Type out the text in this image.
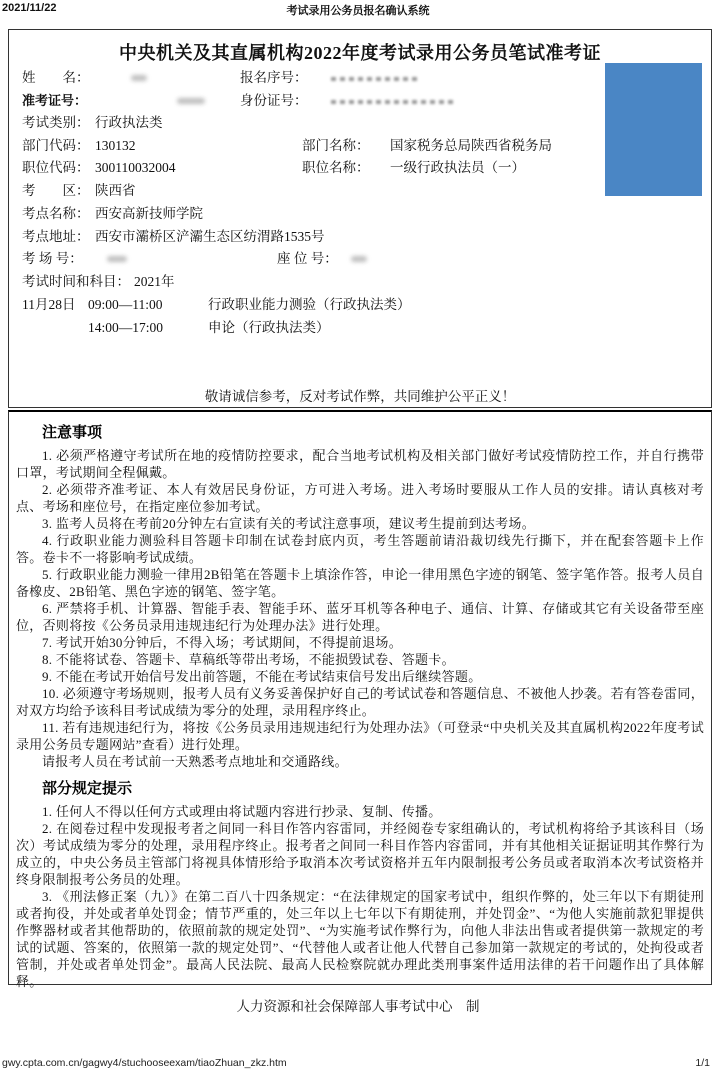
2021/11/22	考试录用公务员报名确认系统
中央机关及其直属机构2022年度考试录用公务员笔试准考证
姓　　名：	报名序号：
准考证号：	身份证号：
考试类别： 行政执法类
部门代码： 130132	部门名称： 国家税务总局陕西省税务局
职位代码： 300110032004	职位名称： 一级行政执法员（一）
考　　区： 陕西省
考点名称： 西安高新技师学院
考点地址： 西安市灞桥区浐灞生态区纺渭路1535号
考 场 号：	座 位 号：
考试时间和科目： 2021年
11月28日 09:00—11:00	行政职业能力测验（行政执法类）
14:00—17:00	申论（行政执法类）
敬请诚信参考，反对考试作弊，共同维护公平正义！
注意事项

1. 必须严格遵守考试所在地的疫情防控要求，配合当地考试机构及相关部门做好考试疫情防控工作，并自行携带口罩，考试期间全程佩戴。

2. 必须带齐准考证、本人有效居民身份证，方可进入考场。进入考场时要服从工作人员的安排。请认真核对考点、考场和座位号，在指定座位参加考试。

3. 监考人员将在考前20分钟左右宣读有关的考试注意事项，建议考生提前到达考场。

4. 行政职业能力测验科目答题卡印制在试卷封底内页，考生答题前请沿裁切线先行撕下，并在配套答题卡上作答。卷卡不一将影响考试成绩。

5. 行政职业能力测验一律用2B铅笔在答题卡上填涂作答，申论一律用黑色字迹的钢笔、签字笔作答。报考人员自备橡皮、2B铅笔、黑色字迹的钢笔、签字笔。

6. 严禁将手机、计算器、智能手表、智能手环、蓝牙耳机等各种电子、通信、计算、存储或其它有关设备带至座位，否则将按《公务员录用违规违纪行为处理办法》进行处理。

7. 考试开始30分钟后，不得入场；考试期间，不得提前退场。

8. 不能将试卷、答题卡、草稿纸等带出考场，不能损毁试卷、答题卡。

9. 不能在考试开始信号发出前答题，不能在考试结束信号发出后继续答题。

10. 必须遵守考场规则，报考人员有义务妥善保护好自己的考试试卷和答题信息、不被他人抄袭。若有答卷雷同，对双方均给予该科目考试成绩为零分的处理，录用程序终止。

11. 若有违规违纪行为，将按《公务员录用违规违纪行为处理办法》（可登录“中央机关及其直属机构2022年度考试录用公务员专题网站”查看）进行处理。

请报考人员在考试前一天熟悉考点地址和交通路线。

部分规定提示

1. 任何人不得以任何方式或理由将试题内容进行抄录、复制、传播。

2. 在阅卷过程中发现报考者之间同一科目作答内容雷同，并经阅卷专家组确认的，考试机构将给予其该科目（场次）考试成绩为零分的处理，录用程序终止。报考者之间同一科目作答内容雷同，并有其他相关证据证明其作弊行为成立的，中央公务员主管部门将视具体情形给予取消本次考试资格并五年内限制报考公务员或者取消本次考试资格并终身限制报考公务员的处理。

3. 《刑法修正案（九）》在第二百八十四条规定：“在法律规定的国家考试中，组织作弊的，处三年以下有期徒刑或者拘役，并处或者单处罚金；情节严重的，处三年以上七年以下有期徒刑，并处罚金”、“为他人实施前款犯罪提供作弊器材或者其他帮助的，依照前款的规定处罚”、“为实施考试作弊行为，向他人非法出售或者提供第一款规定的考试的试题、答案的，依照第一款的规定处罚”、“代替他人或者让他人代替自己参加第一款规定的考试的，处拘役或者管制，并处或者单处罚金”。最高人民法院、最高人民检察院就办理此类刑事案件适用法律的若干问题作出了具体解释。

人力资源和社会保障部人事考试中心　制
gwy.cpta.com.cn/gagwy4/stuchooseexam/tiaoZhuan_zkz.htm	1/1
